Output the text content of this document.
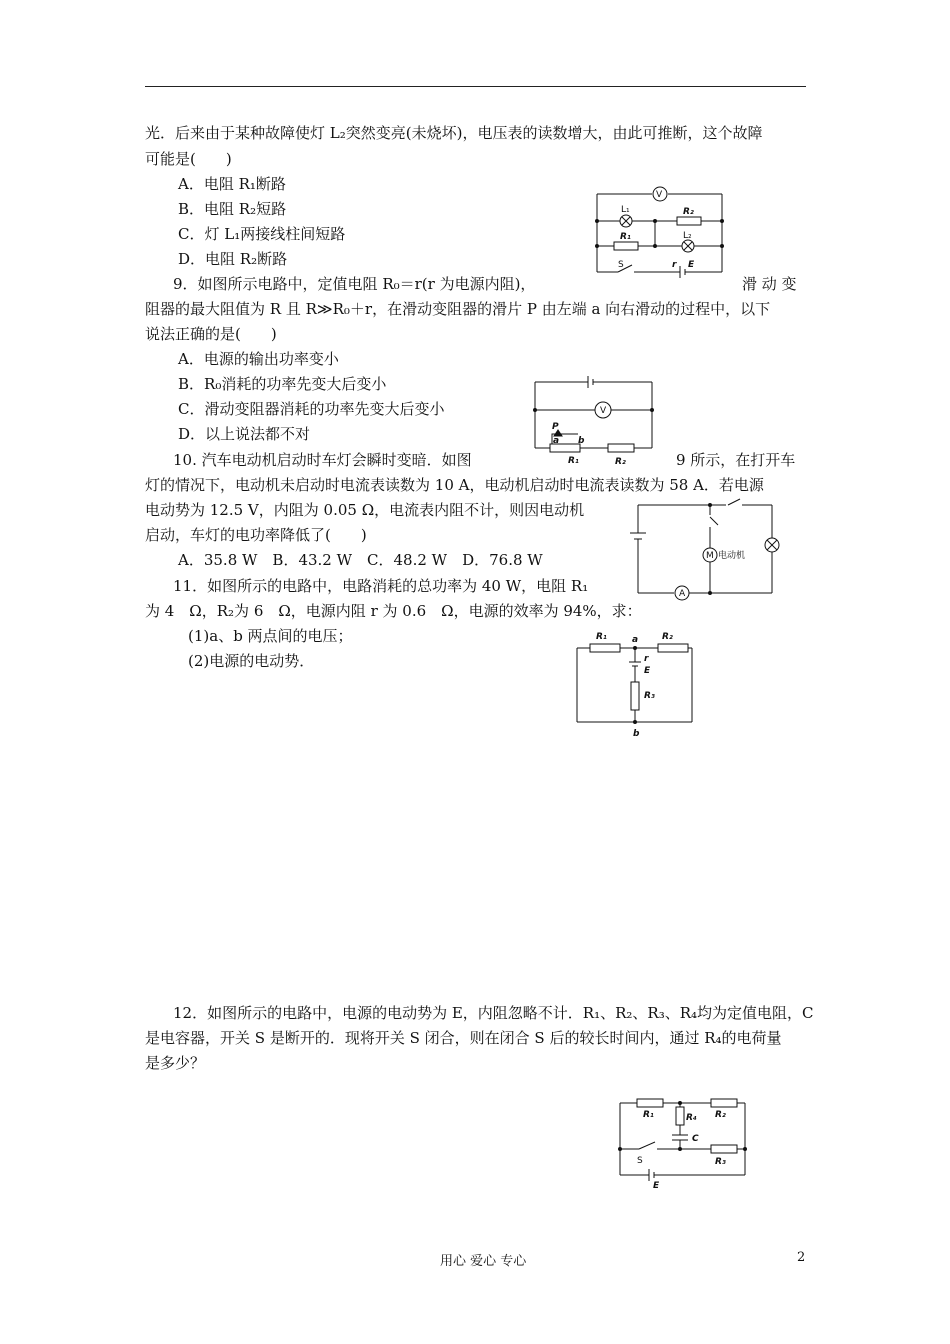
光．后来由于某种故障使灯 L₂突然变亮(未烧坏)，电压表的读数增大，由此可推断，这个故障
可能是(　　)
A．电阻 R₁断路
B．电阻 R₂短路
C．灯 L₁两接线柱间短路
D．电阻 R₂断路
9．如图所示电路中，定值电阻 R₀＝r(r 为电源内阻)，	滑 动 变
阻器的最大阻值为 R 且 R≫R₀＋r，在滑动变阻器的滑片 P 由左端 a 向右滑动的过程中，以下
说法正确的是(　　)
A．电源的输出功率变小
B．R₀消耗的功率先变大后变小
C．滑动变阻器消耗的功率先变大后变小
D．以上说法都不对
10. 汽车电动机启动时车灯会瞬时变暗．如图	9 所示，在打开车
灯的情况下，电动机未启动时电流表读数为 10 A，电动机启动时电流表读数为 58 A．若电源
电动势为 12.5 V，内阻为 0.05 Ω，电流表内阻不计，则因电动机
启动，车灯的电功率降低了(　　)
A．35.8 W　B．43.2 W　C．48.2 W　D．76.8 W
11．如图所示的电路中，电路消耗的总功率为 40 W，电阻 R₁
为 4　Ω，R₂为 6　Ω，电源内阻 r 为 0.6　Ω，电源的效率为 94%，求：
(1)a、b 两点间的电压；
(2)电源的电动势．
12．如图所示的电路中，电源的电动势为 E，内阻忽略不计．R₁、R₂、R₃、R₄均为定值电阻，C
是电容器，开关 S 是断开的．现将开关 S 闭合，则在闭合 S 后的较长时间内，通过 R₄的电荷量
是多少？
V
L₁	R₂
R₁	L₂
S	r E
P
a b
R₁	R₂
V
M 电动机
A
R₁	a	R₂
r
E
R₃
b
R₁	R₄ R₂
C
S	R₃
E
用心 爱心 专心	2
